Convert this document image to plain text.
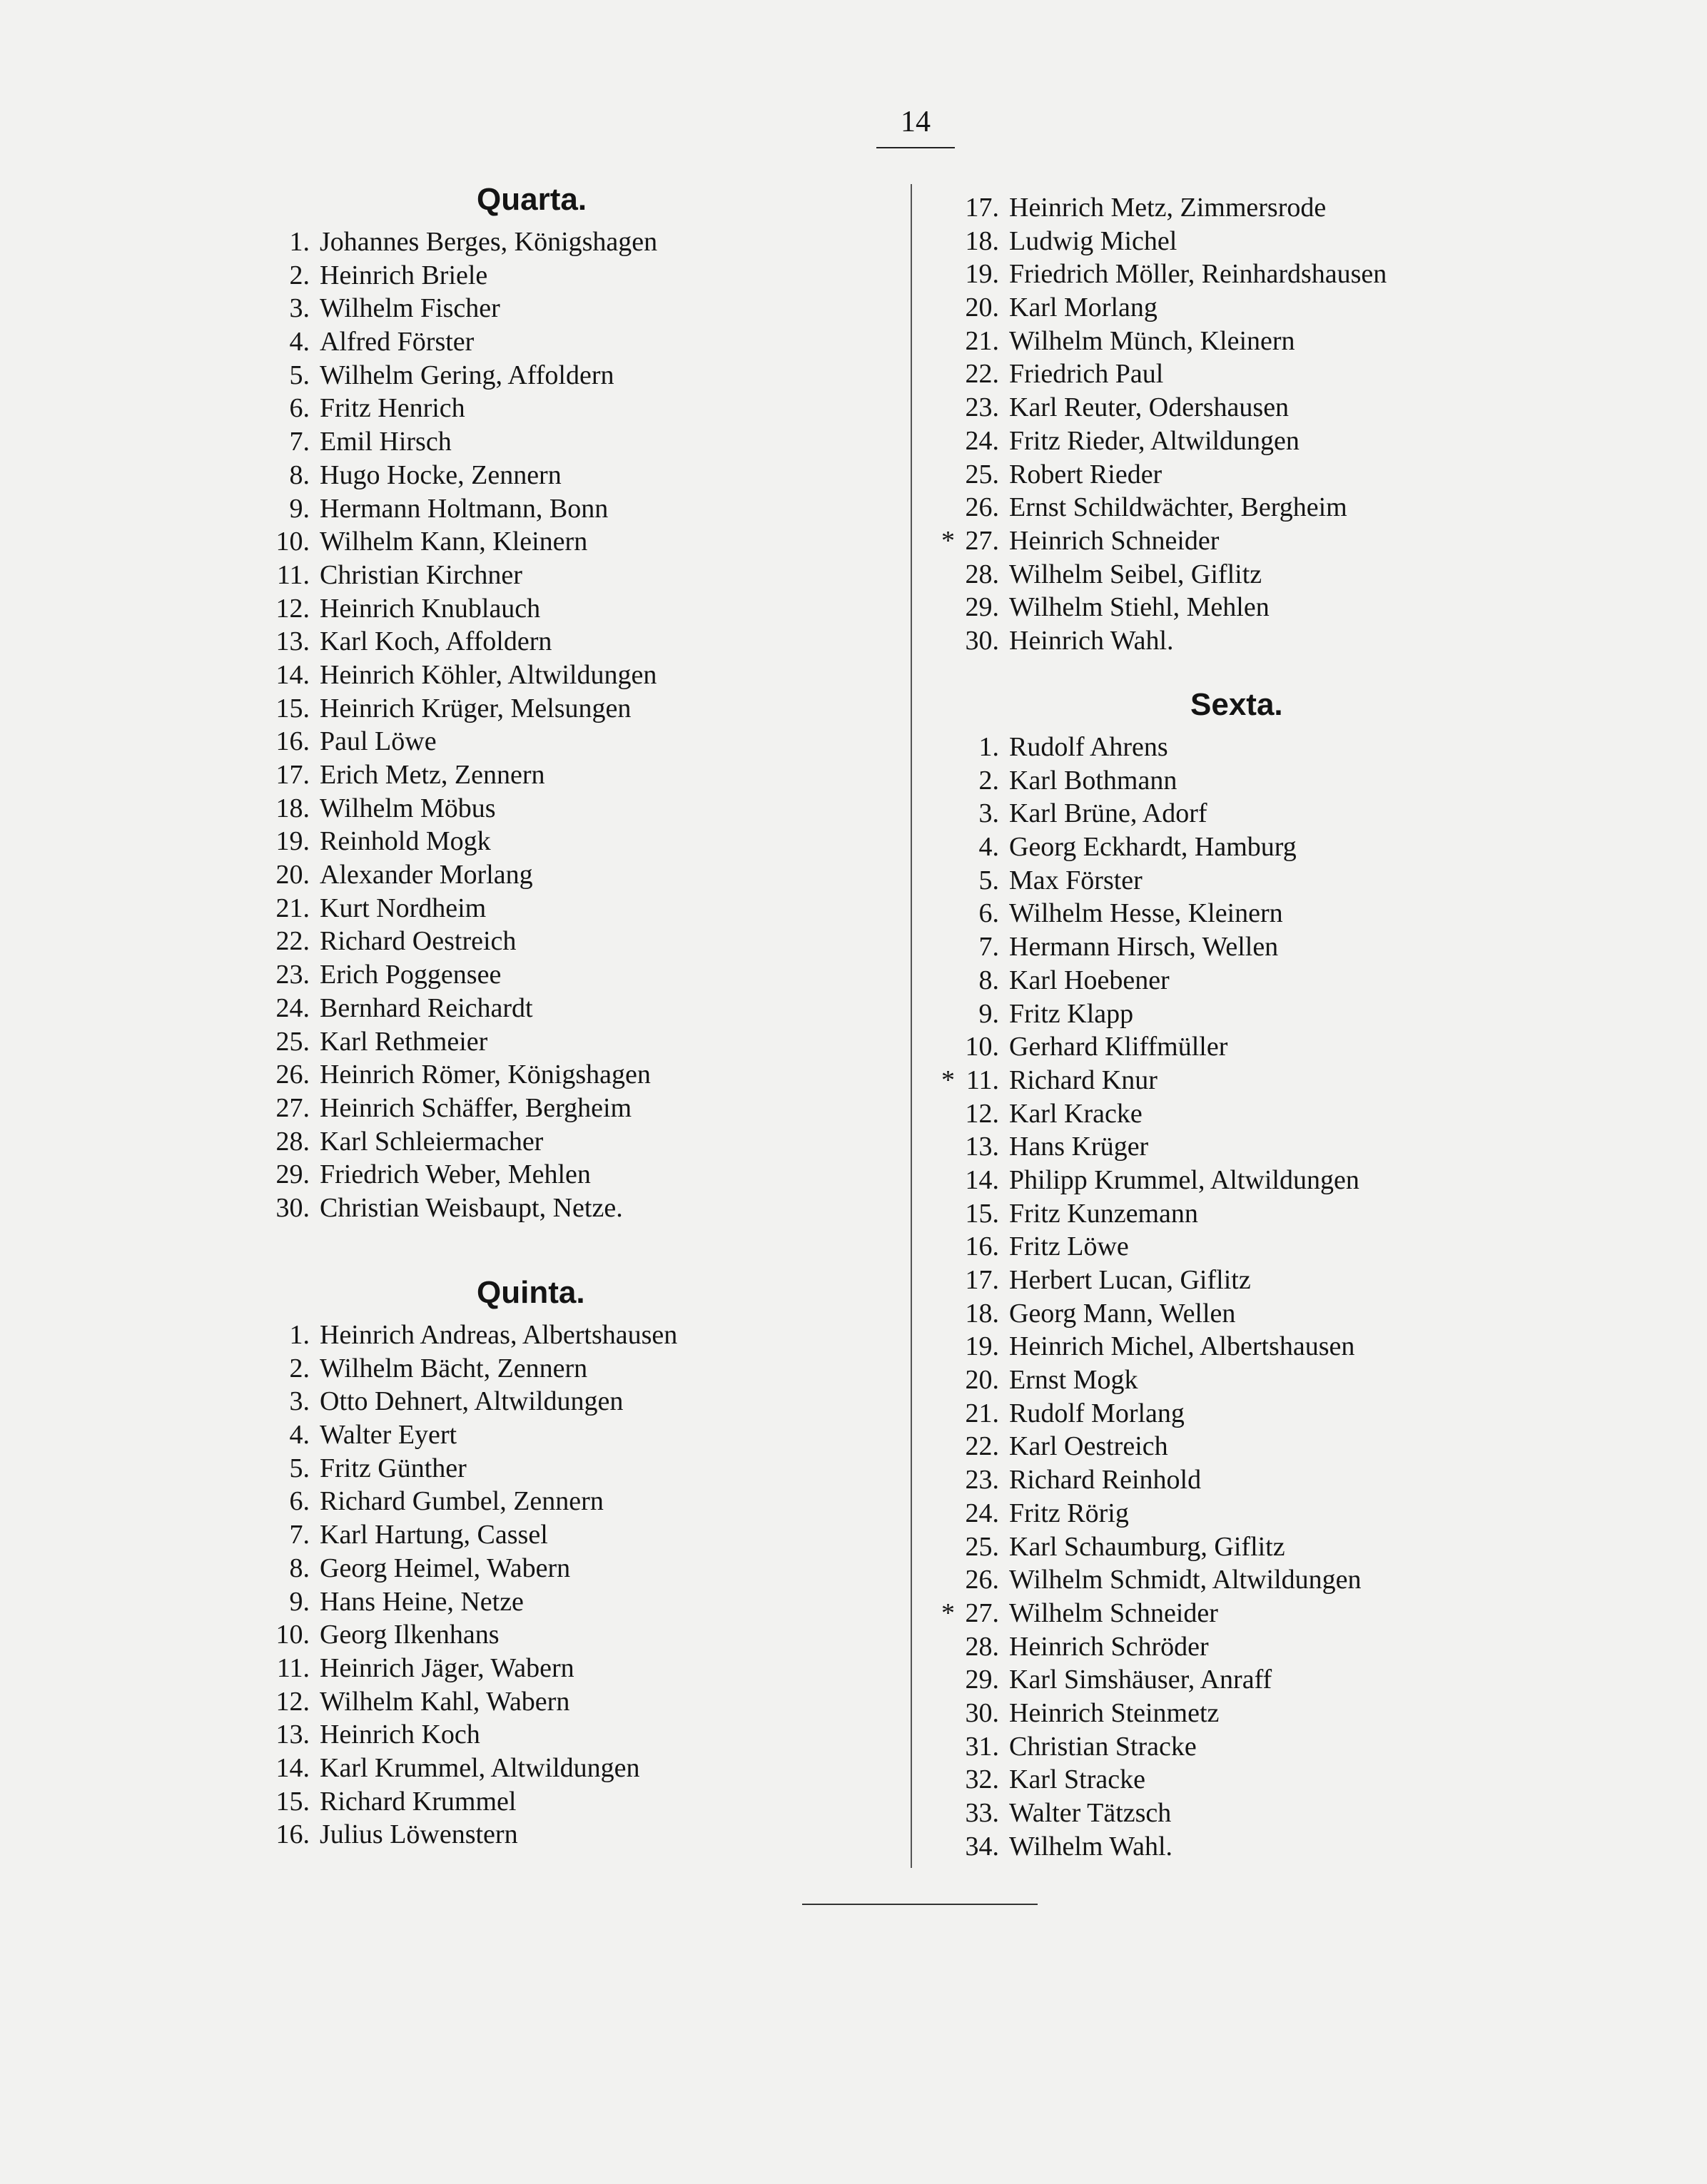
14
Quarta.
1. Johannes Berges, Königshagen
2. Heinrich Briele
3. Wilhelm Fischer
4. Alfred Förster
5. Wilhelm Gering, Affoldern
6. Fritz Henrich
7. Emil Hirsch
8. Hugo Hocke, Zennern
9. Hermann Holtmann, Bonn
10. Wilhelm Kann, Kleinern
11. Christian Kirchner
12. Heinrich Knublauch
13. Karl Koch, Affoldern
14. Heinrich Köhler, Altwildungen
15. Heinrich Krüger, Melsungen
16. Paul Löwe
17. Erich Metz, Zennern
18. Wilhelm Möbus
19. Reinhold Mogk
20. Alexander Morlang
21. Kurt Nordheim
22. Richard Oestreich
23. Erich Poggensee
24. Bernhard Reichardt
25. Karl Rethmeier
26. Heinrich Römer, Königshagen
27. Heinrich Schäffer, Bergheim
28. Karl Schleiermacher
29. Friedrich Weber, Mehlen
30. Christian Weisbaupt, Netze.
Quinta.
1. Heinrich Andreas, Albertshausen
2. Wilhelm Bächt, Zennern
3. Otto Dehnert, Altwildungen
4. Walter Eyert
5. Fritz Günther
6. Richard Gumbel, Zennern
7. Karl Hartung, Cassel
8. Georg Heimel, Wabern
9. Hans Heine, Netze
10. Georg Ilkenhans
11. Heinrich Jäger, Wabern
12. Wilhelm Kahl, Wabern
13. Heinrich Koch
14. Karl Krummel, Altwildungen
15. Richard Krummel
16. Julius Löwenstern
17. Heinrich Metz, Zimmersrode
18. Ludwig Michel
19. Friedrich Möller, Reinhardshausen
20. Karl Morlang
21. Wilhelm Münch, Kleinern
22. Friedrich Paul
23. Karl Reuter, Odershausen
24. Fritz Rieder, Altwildungen
25. Robert Rieder
26. Ernst Schildwächter, Bergheim
* 27. Heinrich Schneider
28. Wilhelm Seibel, Giflitz
29. Wilhelm Stiehl, Mehlen
30. Heinrich Wahl.
Sexta.
1. Rudolf Ahrens
2. Karl Bothmann
3. Karl Brüne, Adorf
4. Georg Eckhardt, Hamburg
5. Max Förster
6. Wilhelm Hesse, Kleinern
7. Hermann Hirsch, Wellen
8. Karl Hoebener
9. Fritz Klapp
10. Gerhard Kliffmüller
* 11. Richard Knur
12. Karl Kracke
13. Hans Krüger
14. Philipp Krummel, Altwildungen
15. Fritz Kunzemann
16. Fritz Löwe
17. Herbert Lucan, Giflitz
18. Georg Mann, Wellen
19. Heinrich Michel, Albertshausen
20. Ernst Mogk
21. Rudolf Morlang
22. Karl Oestreich
23. Richard Reinhold
24. Fritz Rörig
25. Karl Schaumburg, Giflitz
26. Wilhelm Schmidt, Altwildungen
* 27. Wilhelm Schneider
28. Heinrich Schröder
29. Karl Simshäuser, Anraff
30. Heinrich Steinmetz
31. Christian Stracke
32. Karl Stracke
33. Walter Tätzsch
34. Wilhelm Wahl.
